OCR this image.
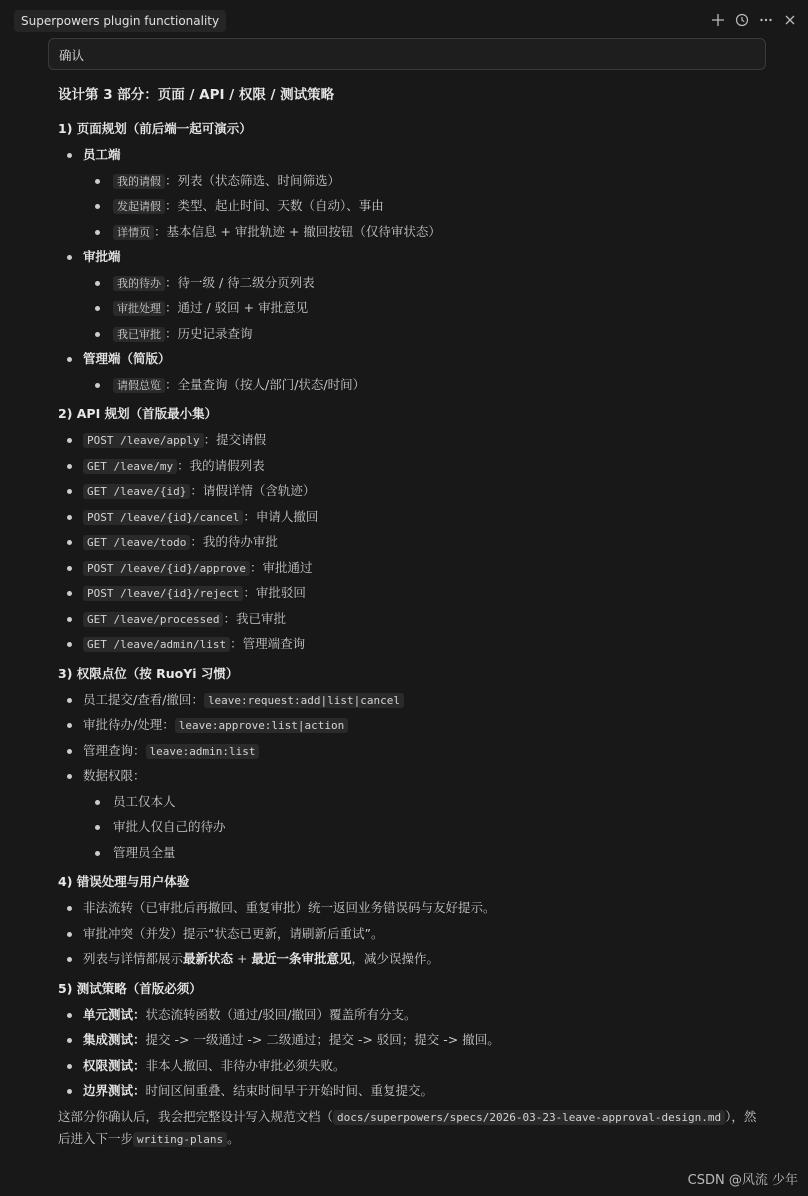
Superpowers plugin functionality
确认
设计第 3 部分：页面 / API / 权限 / 测试策略
1) 页面规划（前后端一起可演示）
员工端
我的请假 ：列表（状态筛选、时间筛选）
发起请假 ：类型、起止时间、天数（自动）、事由
详情页 ：基本信息 + 审批轨迹 + 撤回按钮（仅待审状态）
审批端
我的待办 ：待一级 / 待二级分页列表
审批处理 ：通过 / 驳回 + 审批意见
我已审批 ：历史记录查询
管理端（简版）
请假总览 ：全量查询（按人/部门/状态/时间）
2) API 规划（首版最小集）
POST /leave/apply ：提交请假
GET /leave/my ：我的请假列表
GET /leave/{id} ：请假详情（含轨迹）
POST /leave/{id}/cancel ：申请人撤回
GET /leave/todo ：我的待办审批
POST /leave/{id}/approve ：审批通过
POST /leave/{id}/reject ：审批驳回
GET /leave/processed ：我已审批
GET /leave/admin/list ：管理端查询
3) 权限点位（按 RuoYi 习惯）
员工提交/查看/撤回： leave:request:add|list|cancel
审批待办/处理： leave:approve:list|action
管理查询： leave:admin:list
数据权限：
员工仅本人
审批人仅自己的待办
管理员全量
4) 错误处理与用户体验
非法流转（已审批后再撤回、重复审批）统一返回业务错误码与友好提示。
审批冲突（并发）提示“状态已更新，请刷新后重试”。
列表与详情都展示最新状态 + 最近一条审批意见，减少误操作。
5) 测试策略（首版必须）
单元测试：状态流转函数（通过/驳回/撤回）覆盖所有分支。
集成测试：提交 -> 一级通过 -> 二级通过；提交 -> 驳回；提交 -> 撤回。
权限测试：非本人撤回、非待办审批必须失败。
边界测试：时间区间重叠、结束时间早于开始时间、重复提交。
这部分你确认后，我会把完整设计写入规范文档（ docs/superpowers/specs/2026-03-23-leave-approval-design.md ），然后进入下一步 writing-plans 。
CSDN @风流 少年
